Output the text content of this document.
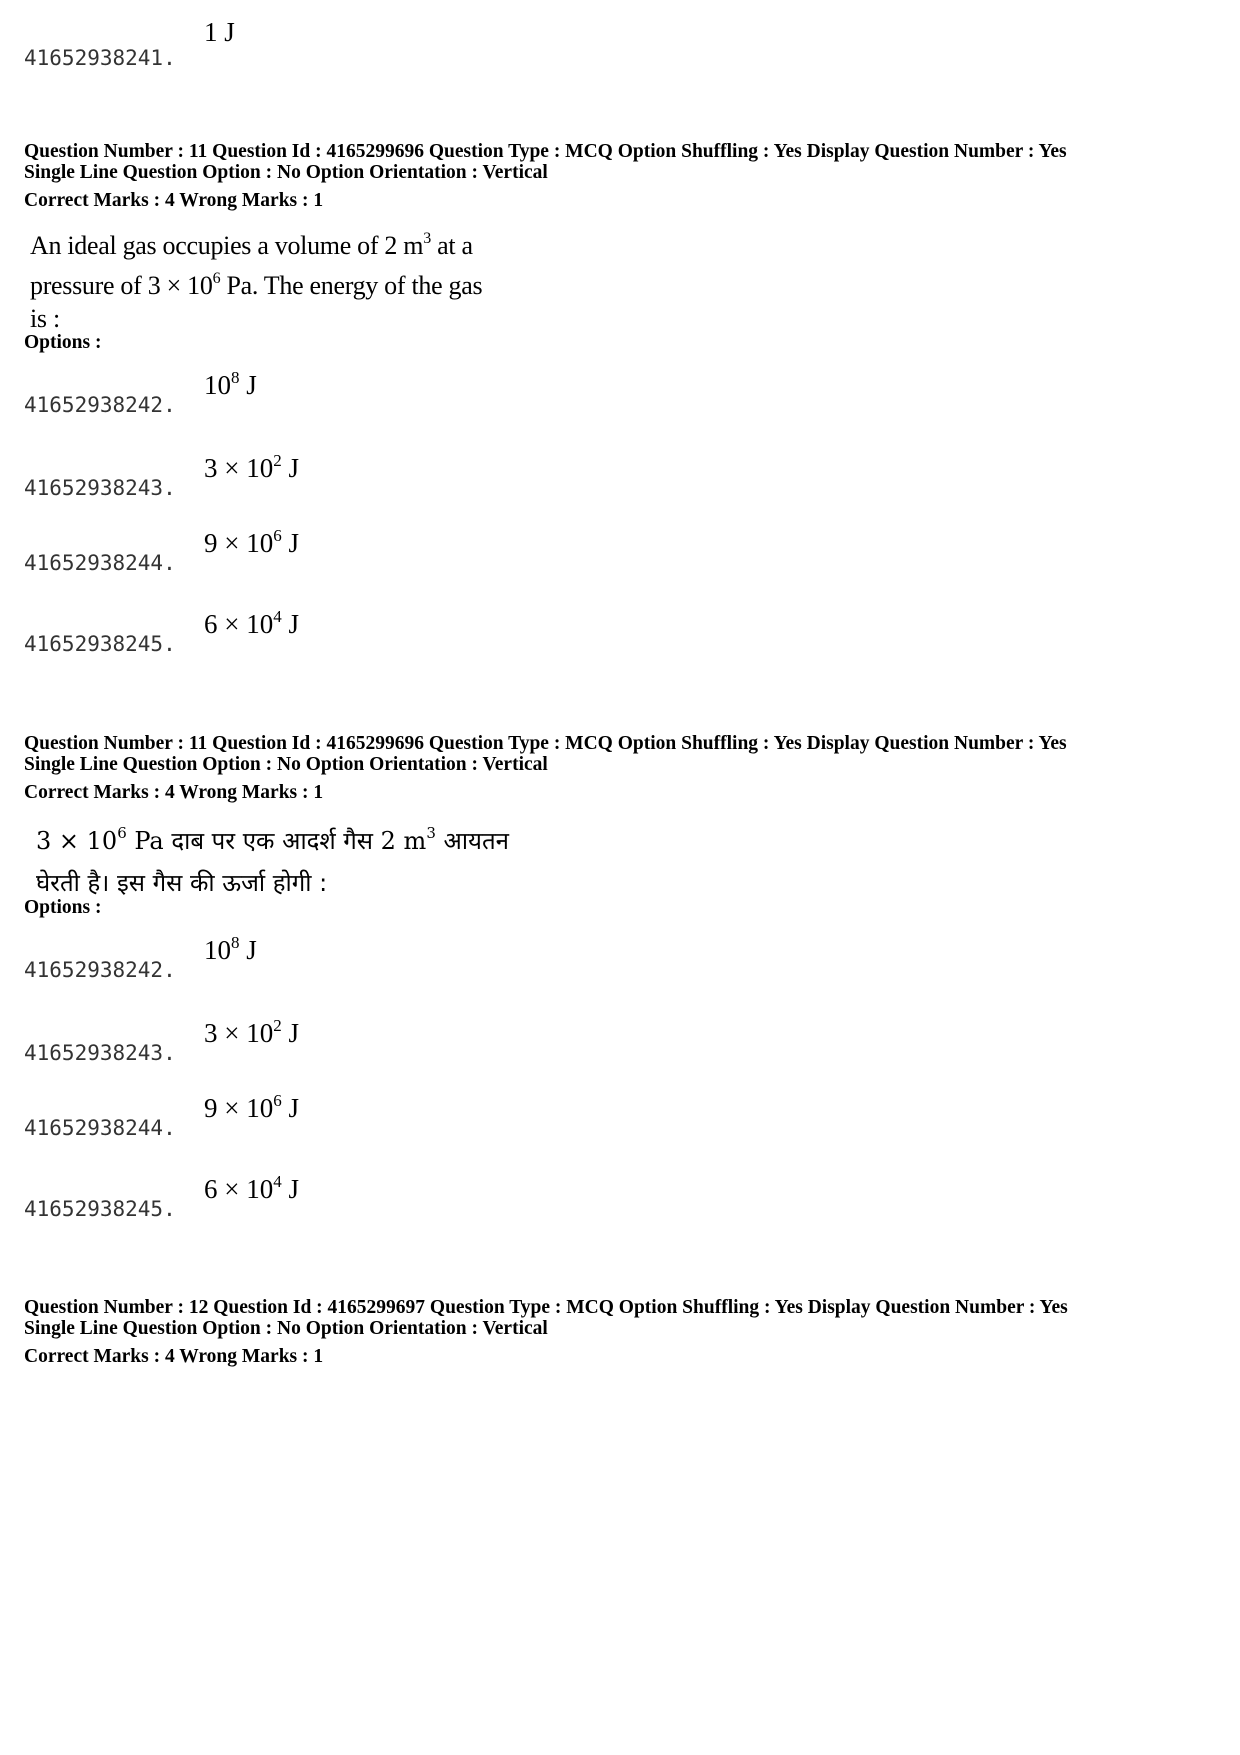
41652938241.
1 J
Question Number : 11 Question Id : 4165299696 Question Type : MCQ Option Shuffling : Yes Display Question Number : Yes
Single Line Question Option : No Option Orientation : Vertical
Correct Marks : 4 Wrong Marks : 1
An ideal gas occupies a volume of 2 $m^3$ at a
pressure of $3 \times 10^6$ Pa. The energy of the gas
is :
Options :
41652938242.
$10^8$ J
41652938243.
$3 \times 10^2$ J
41652938244.
$9 \times 10^6$ J
41652938245.
$6 \times 10^4$ J
Question Number : 11 Question Id : 4165299696 Question Type : MCQ Option Shuffling : Yes Display Question Number : Yes
Single Line Question Option : No Option Orientation : Vertical
Correct Marks : 4 Wrong Marks : 1
$3 \times 10^6$ Pa दाब पर एक आदर्श गैस 2 $m^3$ आयतन
घेरती है। इस गैस की ऊर्जा होगी :
Options :
41652938242.
$10^8$ J
41652938243.
$3 \times 10^2$ J
41652938244.
$9 \times 10^6$ J
41652938245.
$6 \times 10^4$ J
Question Number : 12 Question Id : 4165299697 Question Type : MCQ Option Shuffling : Yes Display Question Number : Yes
Single Line Question Option : No Option Orientation : Vertical
Correct Marks : 4 Wrong Marks : 1
